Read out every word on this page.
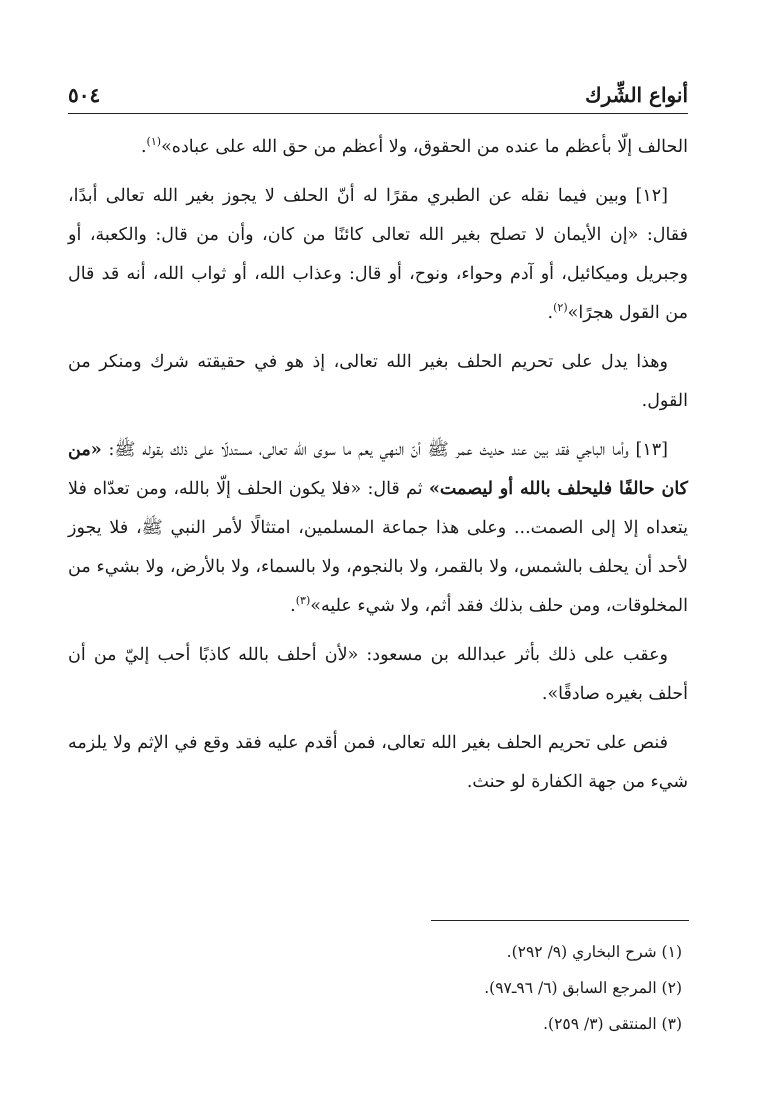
أنواع الشِّرك
٥٠٤

الحالف إلّا بأعظم ما عنده من الحقوق، ولا أعظم من حق الله على عباده»$^{(١)}$.

[١٢] وبين فيما نقله عن الطبري مقرًا له أنّ الحلف لا يجوز بغير الله تعالى أبدًا، فقال: «إن الأيمان لا تصلح بغير الله تعالى كائنًا من كان، وأن من قال: والكعبة، أو وجبريل وميكائيل، أو آدم وحواء، ونوح، أو قال: وعذاب الله، أو ثواب الله، أنه قد قال من القول هجرًا»$^{(٢)}$.

وهذا يدل على تحريم الحلف بغير الله تعالى، إذ هو في حقيقته شرك ومنكر من القول.

[١٣] وأما الباجي فقد بين عند حديث عمر ﷺ أنّ النهي يعم ما سوى الله تعالى، مستدلّا على ذلك بقوله ﷺ: «من كان حالفًا فليحلف بالله أو ليصمت» ثم قال: «فلا يكون الحلف إلّا بالله، ومن تعدّاه فلا يتعداه إلا إلى الصمت... وعلى هذا جماعة المسلمين، امتثالًا لأمر النبي ﷺ، فلا يجوز لأحد أن يحلف بالشمس، ولا بالقمر، ولا بالنجوم، ولا بالسماء، ولا بالأرض، ولا بشيء من المخلوقات، ومن حلف بذلك فقد أثم، ولا شيء عليه»$^{(٣)}$.

وعقب على ذلك بأثر عبدالله بن مسعود: «لأن أحلف بالله كاذبًا أحب إليّ من أن أحلف بغيره صادقًا».

فنص على تحريم الحلف بغير الله تعالى، فمن أقدم عليه فقد وقع في الإثم ولا يلزمه شيء من جهة الكفارة لو حنث.

(١) شرح البخاري (٩/ ٢٩٢).

(٢) المرجع السابق (٦/ ٩٦ـ٩٧).

(٣) المنتقى (٣/ ٢٥٩).
